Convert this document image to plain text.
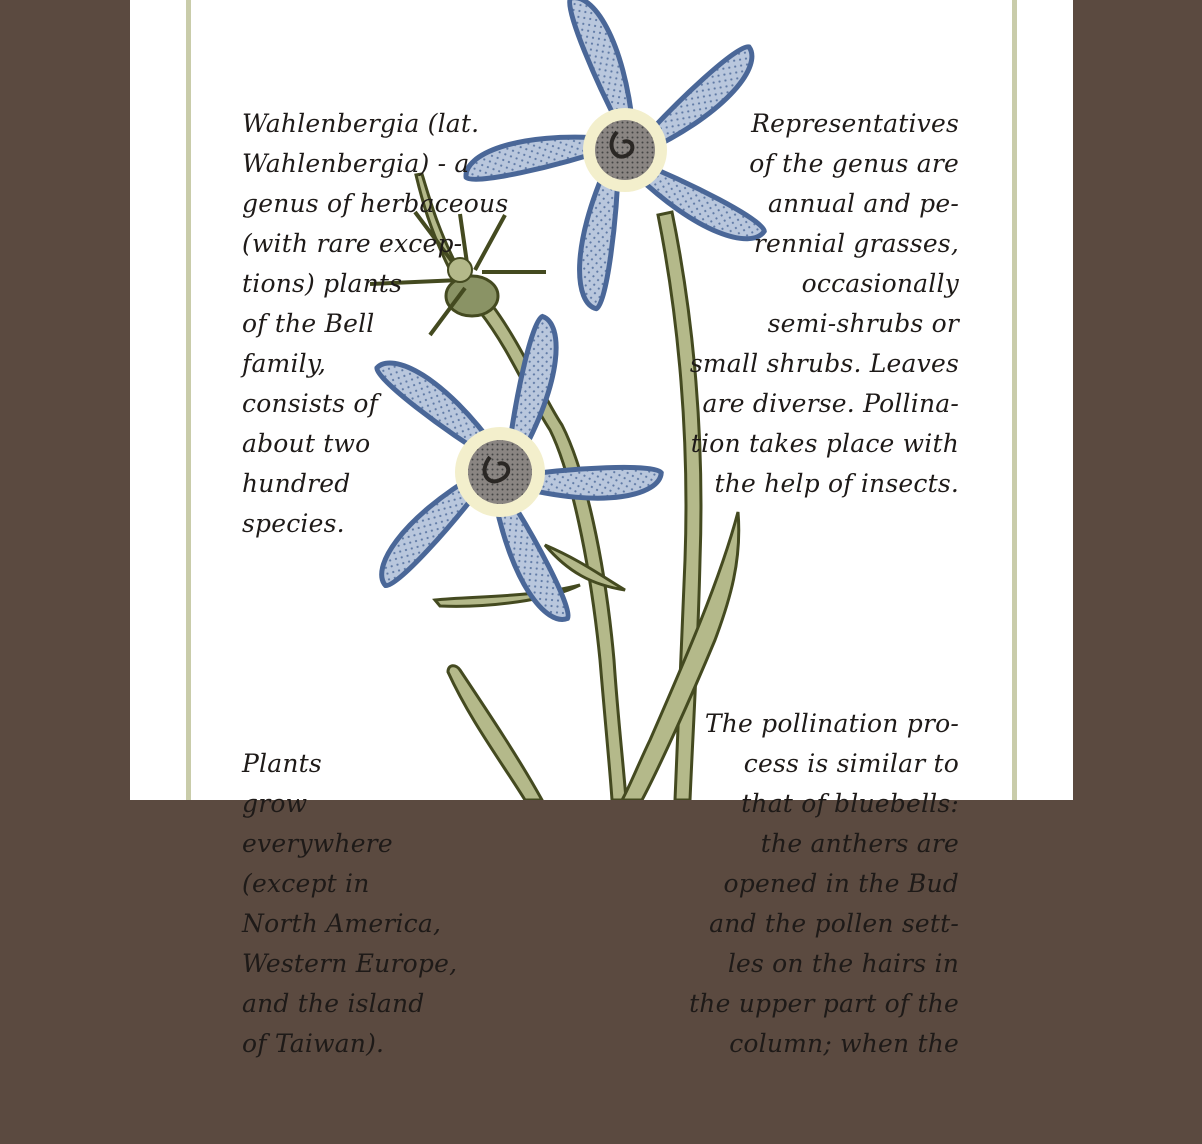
Wahlenbergia (lat.
Wahlenbergia) - a
genus of herbaceous
(with rare excep-
tions) plants
of the Bell
family,
consists of
about two
hundred
species.

Plants
grow
everywhere
(except in
North America,
Western Europe,
and the island
of Taiwan).

Representatives
of the genus are
annual and pe-
rennial grasses,
occasionally
semi-shrubs or
small shrubs. Leaves
are diverse. Pollina-
tion takes place with
the help of insects.

The pollination pro-
cess is similar to
that of bluebells:
the anthers are
opened in the Bud
and the pollen sett-
les on the hairs in
the upper part of the
column; when the
